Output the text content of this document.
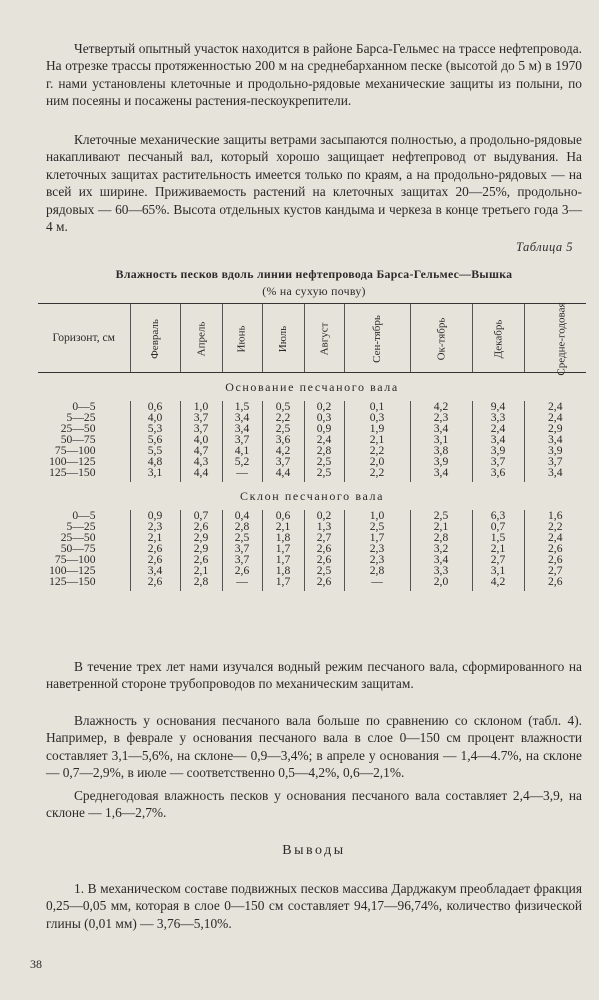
Четвертый опытный участок находится в районе Барса-Гельмес на трассе нефтепровода. На отрезке трассы протяженностью 200 м на среднебарханном песке (высотой до 5 м) в 1970 г. нами установлены клеточные и продольно-рядовые механические защиты из полыни, по ним посеяны и посажены растения-пескоукрепители.

Клеточные механические защиты ветрами засыпаются полностью, а продольно-рядовые накапливают песчаный вал, который хорошо защищает нефтепровод от выдувания. На клеточных защитах растительность имеется только по краям, а на продольно-рядовых — на всей их ширине. Приживаемость растений на клеточных защитах 20—25%, продольно-рядовых — 60—65%. Высота отдельных кустов кандыма и черкеза в конце третьего года 3—4 м.

Таблица 5
Влажность песков вдоль линии нефтепровода Барса-Гельмес—Вышка
(% на сухую почву)
Горизонт, см	Февраль	Апрель	Июнь	Июль	Август	Сен-тябрь	Ок-тябрь	Декабрь	Средне-годовая
Основание песчаного вала									
0—5	0,6	1,0	1,5	0,5	0,2	0,1	4,2	9,4	2,4
5—25	4,0	3,7	3,4	2,2	0,3	0,3	2,3	3,3	2,4
25—50	5,3	3,7	3,4	2,5	0,9	1,9	3,4	2,4	2,9
50—75	5,6	4,0	3,7	3,6	2,4	2,1	3,1	3,4	3,4
75—100	5,5	4,7	4,1	4,2	2,8	2,2	3,8	3,9	3,9
100—125	4,8	4,3	5,2	3,7	2,5	2,0	3,9	3,7	3,7
125—150	3,1	4,4	—	4,4	2,5	2,2	3,4	3,6	3,4

Склон песчаного вала									
0—5	0,9	0,7	0,4	0,6	0,2	1,0	2,5	6,3	1,6
5—25	2,3	2,6	2,8	2,1	1,3	2,5	2,1	0,7	2,2
25—50	2,1	2,9	2,5	1,8	2,7	1,7	2,8	1,5	2,4
50—75	2,6	2,9	3,7	1,7	2,6	2,3	3,2	2,1	2,6
75—100	2,6	2,6	3,7	1,7	2,6	2,3	3,4	2,7	2,6
100—125	3,4	2,1	2,6	1,8	2,5	2,8	3,3	3,1	2,7
125—150	2,6	2,8	—	1,7	2,6	—	2,0	4,2	2,6

В течение трех лет нами изучался водный режим песчаного вала, сформированного на наветренной стороне трубопроводов по механическим защитам.

Влажность у основания песчаного вала больше по сравнению со склоном (табл. 4). Например, в феврале у основания песчаного вала в слое 0—150 см процент влажности составляет 3,1—5,6%, на склоне— 0,9—3,4%; в апреле у основания — 1,4—4.7%, на склоне — 0,7—2,9%, в июле — соответственно 0,5—4,2%, 0,6—2,1%.

Среднегодовая влажность песков у основания песчаного вала составляет 2,4—3,9, на склоне — 1,6—2,7%.

Выводы

1. В механическом составе подвижных песков массива Дарджакум преобладает фракция 0,25—0,05 мм, которая в слое 0—150 см составляет 94,17—96,74%, количество физической глины (0,01 мм) — 3,76—5,10%.

38
